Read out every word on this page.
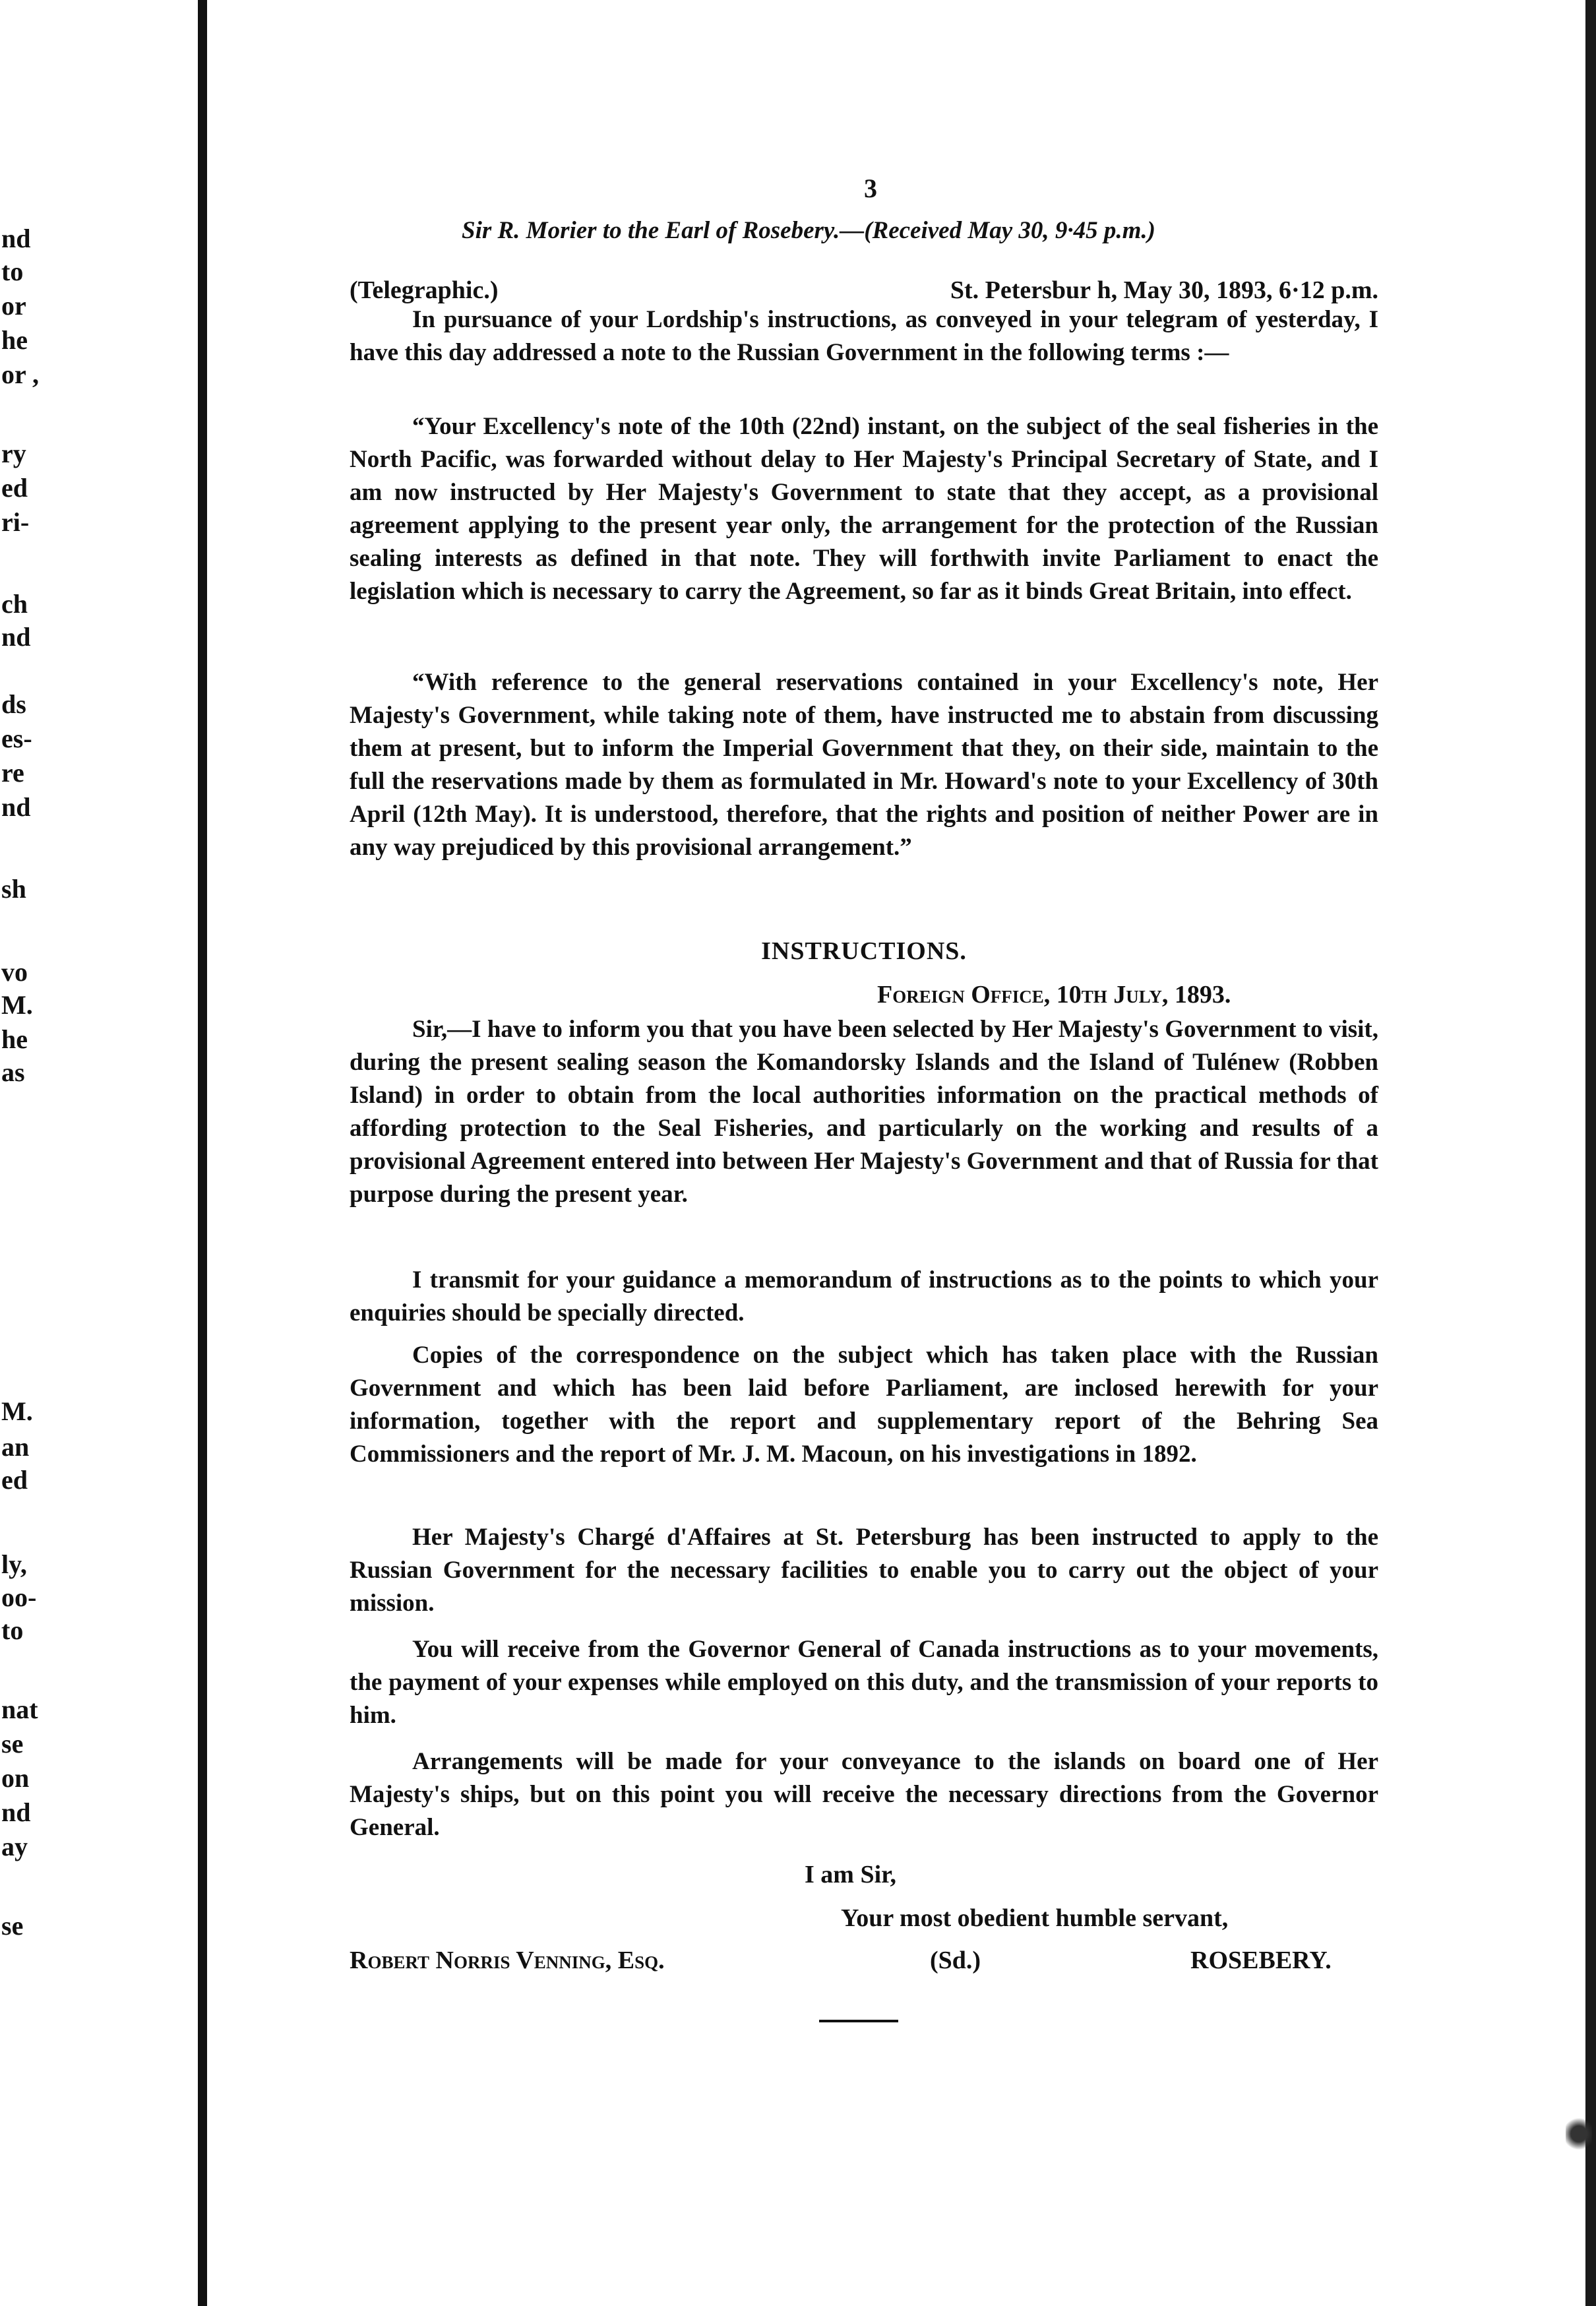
nd
to
or
he
or ,
ry
ed
ri-
ch
nd
ds
es-
re
nd
sh
vo
M.
he
as
M.
an
ed
ly,
oo-
to
nat
se
on
nd
ay
se
3
Sir R. Morier to the Earl of Rosebery.—(Received May 30, 9·45 p.m.)
(Telegraphic.)	St. Petersbur h, May 30, 1893, 6·12 p.m.

In pursuance of your Lordship's instructions, as conveyed in your telegram of yesterday, I have this day addressed a note to the Russian Government in the following terms :—

“Your Excellency's note of the 10th (22nd) instant, on the subject of the seal fisheries in the North Pacific, was forwarded without delay to Her Majesty's Principal Secretary of State, and I am now instructed by Her Majesty's Government to state that they accept, as a provisional agreement applying to the present year only, the arrangement for the protection of the Russian sealing interests as defined in that note. They will forthwith invite Parliament to enact the legislation which is necessary to carry the Agreement, so far as it binds Great Britain, into effect.

“With reference to the general reservations contained in your Excellency's note, Her Majesty's Government, while taking note of them, have instructed me to abstain from discussing them at present, but to inform the Imperial Government that they, on their side, maintain to the full the reservations made by them as formulated in Mr. Howard's note to your Excellency of 30th April (12th May). It is understood, therefore, that the rights and position of neither Power are in any way prejudiced by this provisional arrangement.”

INSTRUCTIONS.
Foreign Office, 10th July, 1893.

Sir,—I have to inform you that you have been selected by Her Majesty's Government to visit, during the present sealing season the Komandorsky Islands and the Island of Tulénew (Robben Island) in order to obtain from the local authorities information on the practical methods of affording protection to the Seal Fisheries, and particularly on the working and results of a provisional Agreement entered into between Her Majesty's Government and that of Russia for that purpose during the present year.

I transmit for your guidance a memorandum of instructions as to the points to which your enquiries should be specially directed.

Copies of the correspondence on the subject which has taken place with the Russian Government and which has been laid before Parliament, are inclosed herewith for your information, together with the report and supplementary report of the Behring Sea Commissioners and the report of Mr. J. M. Macoun, on his investigations in 1892.

Her Majesty's Chargé d'Affaires at St. Petersburg has been instructed to apply to the Russian Government for the necessary facilities to enable you to carry out the object of your mission.

You will receive from the Governor General of Canada instructions as to your movements, the payment of your expenses while employed on this duty, and the transmission of your reports to him.

Arrangements will be made for your conveyance to the islands on board one of Her Majesty's ships, but on this point you will receive the necessary directions from the Governor General.

I am Sir,
Your most obedient humble servant,
Robert Norris Venning, Esq.	(Sd.)	ROSEBERY.
